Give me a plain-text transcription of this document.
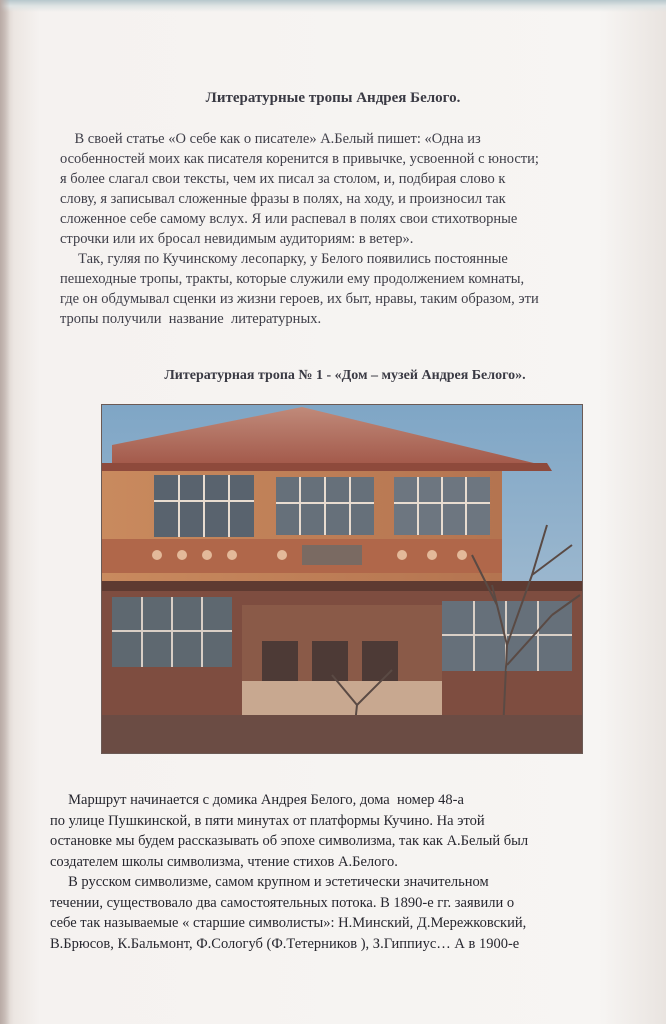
Литературные тропы Андрея Белого.

В своей статье «О себе как о писателе» А.Белый пишет: «Одна из
особенностей моих как писателя коренится в привычке, усвоенной с юности;
я более слагал свои тексты, чем их писал за столом, и, подбирая слово к
слову, я записывал сложенные фразы в полях, на ходу, и произносил так
сложенное себе самому вслух. Я или распевал в полях свои стихотворные
строчки или их бросал невидимым аудиториям: в ветер».
Так, гуляя по Кучинскому лесопарку, у Белого появились постоянные
пешеходные тропы, тракты, которые служили ему продолжением комнаты,
где он обдумывал сценки из жизни героев, их быт, нравы, таким образом, эти
тропы получили  название  литературных.

Литературная тропа № 1 - «Дом – музей Андрея Белого».

Маршрут начинается с домика Андрея Белого, дома  номер 48-а
по улице Пушкинской, в пяти минутах от платформы Кучино. На этой
остановке мы будем рассказывать об эпохе символизма, так как А.Белый был
создателем школы символизма, чтение стихов А.Белого.
В русском символизме, самом крупном и эстетически значительном
течении, существовало два самостоятельных потока. В 1890-е гг. заявили о
себе так называемые « старшие символисты»: Н.Минский, Д.Мережковский,
В.Брюсов, К.Бальмонт, Ф.Сологуб (Ф.Тетерников ), З.Гиппиус… А в 1900-е
